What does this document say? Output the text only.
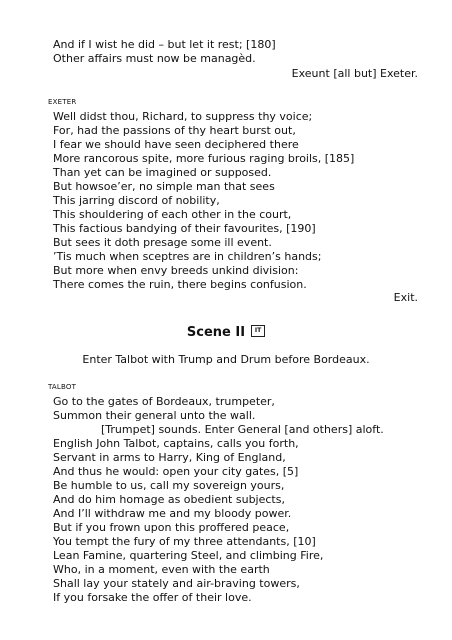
And if I wist he did – but let it rest; [180]
Other affairs must now be managèd.
Exeunt [all but] Exeter.
EXETER
Well didst thou, Richard, to suppress thy voice;
For, had the passions of thy heart burst out,
I fear we should have seen deciphered there
More rancorous spite, more furious raging broils, [185]
Than yet can be imagined or supposed.
But howsoe’er, no simple man that sees
This jarring discord of nobility,
This shouldering of each other in the court,
This factious bandying of their favourites, [190]
But sees it doth presage some ill event.
’Tis much when sceptres are in children’s hands;
But more when envy breeds unkind division:
There comes the ruin, there begins confusion.
Exit.
Scene II IT
Enter Talbot with Trump and Drum before Bordeaux.
TALBOT
Go to the gates of Bordeaux, trumpeter,
Summon their general unto the wall.
[Trumpet] sounds. Enter General [and others] aloft.
English John Talbot, captains, calls you forth,
Servant in arms to Harry, King of England,
And thus he would: open your city gates, [5]
Be humble to us, call my sovereign yours,
And do him homage as obedient subjects,
And I’ll withdraw me and my bloody power.
But if you frown upon this proffered peace,
You tempt the fury of my three attendants, [10]
Lean Famine, quartering Steel, and climbing Fire,
Who, in a moment, even with the earth
Shall lay your stately and air-braving towers,
If you forsake the offer of their love.
